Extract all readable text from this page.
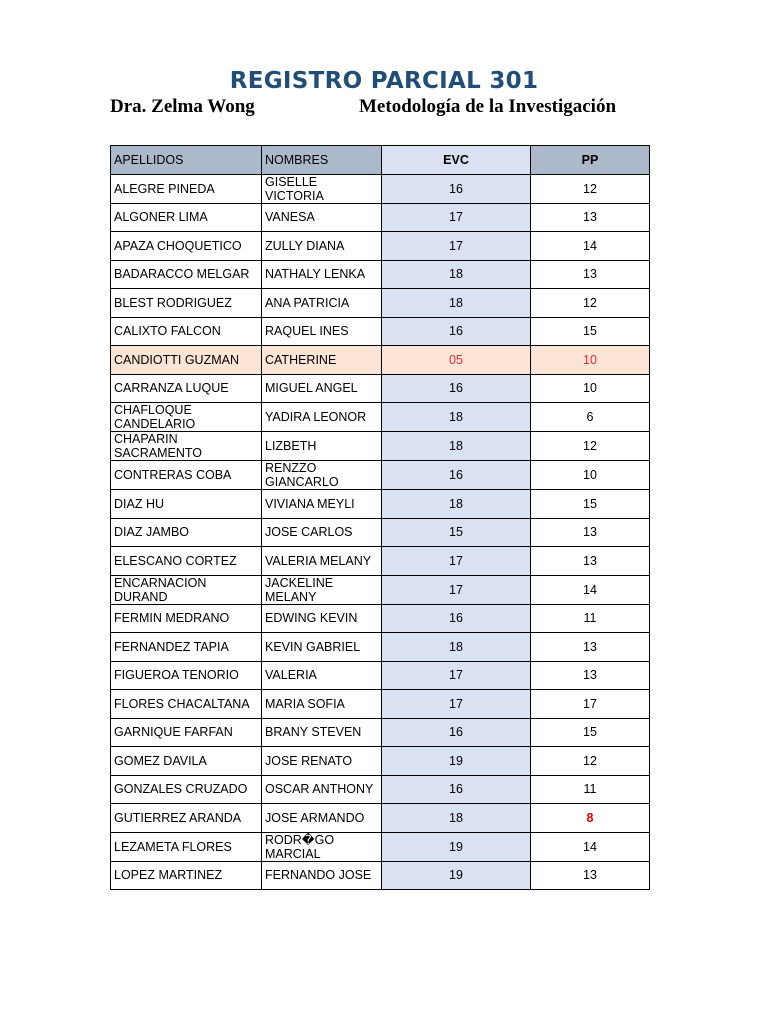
REGISTRO PARCIAL 301
Dra. Zelma Wong	Metodología de la Investigación
APELLIDOS	NOMBRES	EVC	PP
ALEGRE PINEDA	GISELLE VICTORIA	16	12
ALGONER LIMA	VANESA	17	13
APAZA CHOQUETICO	ZULLY DIANA	17	14
BADARACCO MELGAR	NATHALY LENKA	18	13
BLEST RODRIGUEZ	ANA PATRICIA	18	12
CALIXTO FALCON	RAQUEL INES	16	15
CANDIOTTI GUZMAN	CATHERINE	05	10
CARRANZA LUQUE	MIGUEL ANGEL	16	10
CHAFLOQUE CANDELARIO	YADIRA LEONOR	18	6
CHAPARIN SACRAMENTO	LIZBETH	18	12
CONTRERAS COBA	RENZZO GIANCARLO	16	10
DIAZ HU	VIVIANA MEYLI	18	15
DIAZ JAMBO	JOSE CARLOS	15	13
ELESCANO CORTEZ	VALERIA MELANY	17	13
ENCARNACION DURAND	JACKELINE MELANY	17	14
FERMIN MEDRANO	EDWING KEVIN	16	11
FERNANDEZ TAPIA	KEVIN GABRIEL	18	13
FIGUEROA TENORIO	VALERIA	17	13
FLORES CHACALTANA	MARIA SOFIA	17	17
GARNIQUE FARFAN	BRANY STEVEN	16	15
GOMEZ DAVILA	JOSE RENATO	19	12
GONZALES CRUZADO	OSCAR ANTHONY	16	11
GUTIERREZ ARANDA	JOSE ARMANDO	18	8
LEZAMETA FLORES	RODR�GO MARCIAL	19	14
LOPEZ MARTINEZ	FERNANDO JOSE	19	13
